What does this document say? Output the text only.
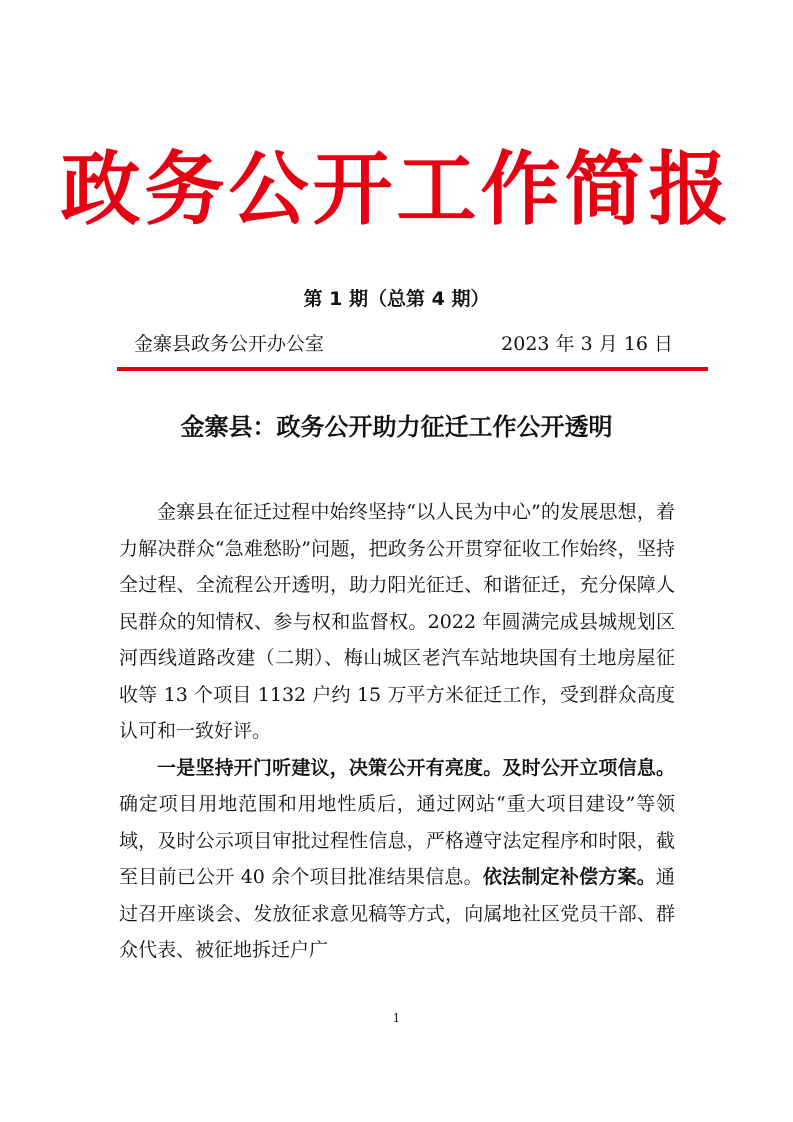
政务公开工作简报
第 1 期（总第 4 期）
金寨县政务公开办公室	2023 年 3 月 16 日
金寨县：政务公开助力征迁工作公开透明

金寨县在征迁过程中始终坚持“以人民为中心”的发展思想，着力解决群众“急难愁盼”问题，把政务公开贯穿征收工作始终，坚持全过程、全流程公开透明，助力阳光征迁、和谐征迁，充分保障人民群众的知情权、参与权和监督权。2022 年圆满完成县城规划区河西线道路改建（二期）、梅山城区老汽车站地块国有土地房屋征收等 13 个项目 1132 户约 15 万平方米征迁工作，受到群众高度认可和一致好评。

一是坚持开门听建议，决策公开有亮度。及时公开立项信息。确定项目用地范围和用地性质后，通过网站“重大项目建设”等领域，及时公示项目审批过程性信息，严格遵守法定程序和时限，截至目前已公开 40 余个项目批准结果信息。依法制定补偿方案。通过召开座谈会、发放征求意见稿等方式，向属地社区党员干部、群众代表、被征地拆迁户广

1
